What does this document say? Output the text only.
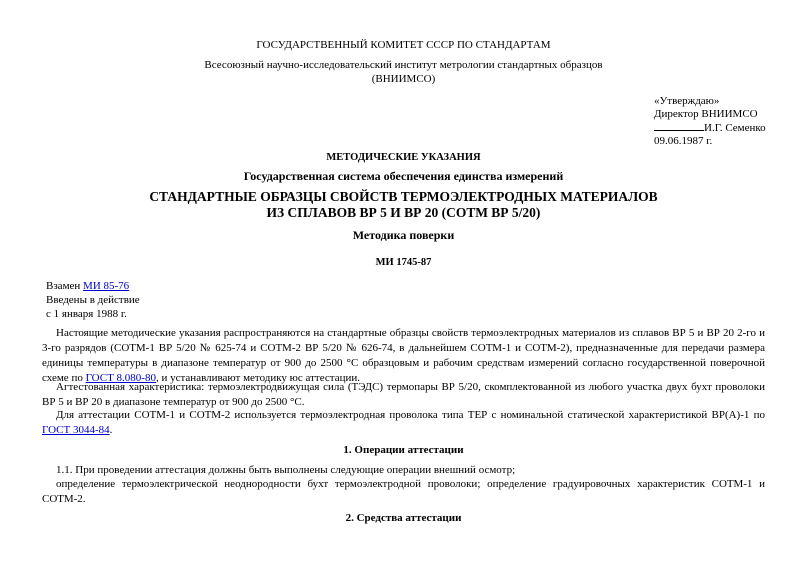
ГОСУДАРСТВЕННЫЙ КОМИТЕТ СССР ПО СТАНДАРТАМ
Всесоюзный научно-исследовательский институт метрологии стандартных образцов
(ВНИИМСО)
«Утверждаю»
Директор ВНИИМСО
И.Г. Семенко
09.06.1987 г.
МЕТОДИЧЕСКИЕ УКАЗАНИЯ
Государственная система обеспечения единства измерений
СТАНДАРТНЫЕ ОБРАЗЦЫ СВОЙСТВ ТЕРМОЭЛЕКТРОДНЫХ МАТЕРИАЛОВ
ИЗ СПЛАВОВ ВР 5 И ВР 20 (СОТМ ВР 5/20)
Методика поверки
МИ 1745-87
Взамен МИ 85-76
Введены в действие
с 1 января 1988 г.
Настоящие методические указания распространяются на стандартные образцы свойств термоэлектродных материалов из сплавов ВР 5 и ВР 20 2-го и 3-го разрядов (СОТМ-1 ВР 5/20 № 625-74 и СОТМ-2 ВР 5/20 № 626-74, в дальнейшем СОТМ-1 и СОТМ-2), предназначенные для передачи размера единицы температуры в диапазоне температур от 900 до 2500 °С образцовым и рабочим средствам измерений согласно государственной поверочной схеме по ГОСТ 8.080-80, и устанавливают методику юс аттестации.
Агтестованная характеристика: термоэлектродвижущая сила (ТЭДС) термопары ВР 5/20, скомплектованной из любого участка двух бухт проволоки ВР 5 и ВР 20 в диапазоне температур от 900 до 2500 °С.
Для аттестации СОТМ-1 и СОТМ-2 используется термоэлектродная проволока типа ТЕР с номинальной статической характеристикой ВР(А)-1 по ГОСТ 3044-84.
1. Операции аттестации
1.1. При проведении аттестация должны быть выполнены следующие операции внешний осмотр;
определение термоэлектрической неоднородности бухт термоэлектродной проволоки; определение градуировочных характеристик СОТМ-1 и СОТМ-2.
2. Средства аттестации
